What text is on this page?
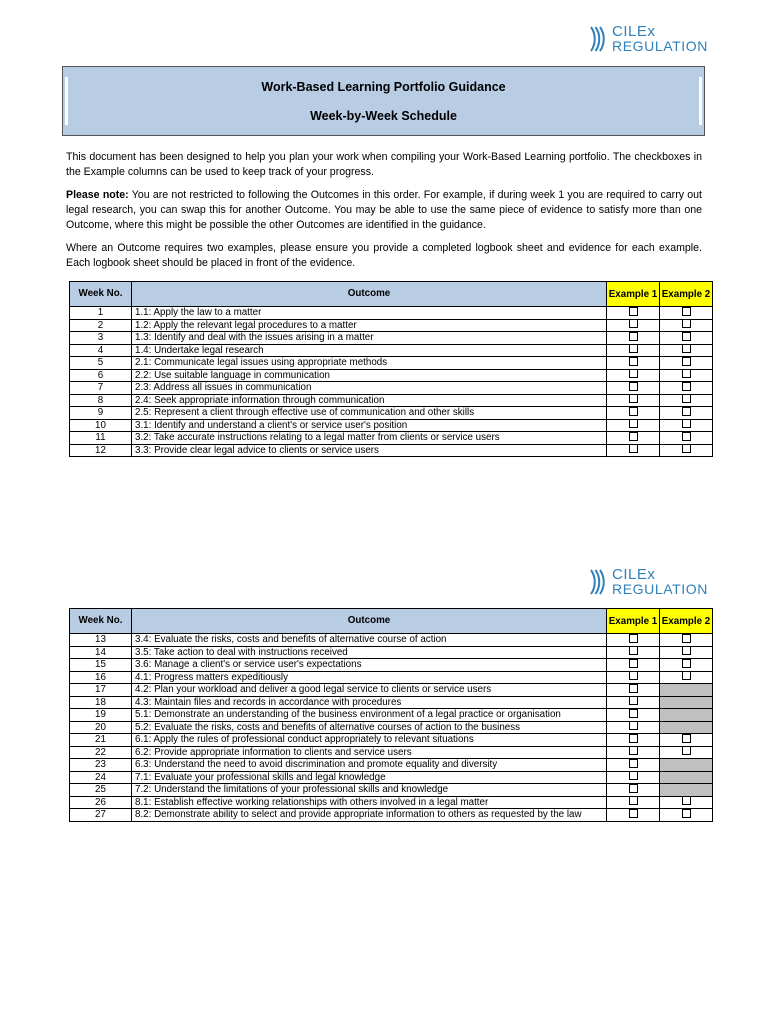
CILEx
REGULATION
Work-Based Learning Portfolio Guidance
Week-by-Week Schedule
This document has been designed to help you plan your work when compiling your Work-Based Learning portfolio. The checkboxes in the Example columns can be used to keep track of your progress.
Please note: You are not restricted to following the Outcomes in this order. For example, if during week 1 you are required to carry out legal research, you can swap this for another Outcome. You may be able to use the same piece of evidence to satisfy more than one Outcome, where this might be possible the other Outcomes are identified in the guidance.
Where an Outcome requires two examples, please ensure you provide a completed logbook sheet and evidence for each example. Each logbook sheet should be placed in front of the evidence.
Week No.	Outcome	Example 1	Example 2
1	1.1: Apply the law to a matter		
2	1.2: Apply the relevant legal procedures to a matter		
3	1.3: Identify and deal with the issues arising in a matter		
4	1.4: Undertake legal research		
5	2.1: Communicate legal issues using appropriate methods		
6	2.2: Use suitable language in communication		
7	2.3: Address all issues in communication		
8	2.4: Seek appropriate information through communication		
9	2.5: Represent a client through effective use of communication and other skills		
10	3.1: Identify and understand a client's or service user's position		
11	3.2: Take accurate instructions relating to a legal matter from clients or service users		
12	3.3: Provide clear legal advice to clients or service users		
CILEx
REGULATION
Week No.	Outcome	Example 1	Example 2
13	3.4: Evaluate the risks, costs and benefits of alternative course of action		
14	3.5: Take action to deal with instructions received		
15	3.6: Manage a client's or service user's expectations		
16	4.1: Progress matters expeditiously		
17	4.2: Plan your workload and deliver a good legal service to clients or service users		
18	4.3: Maintain files and records in accordance with procedures		
19	5.1: Demonstrate an understanding of the business environment of a legal practice or organisation		
20	5.2: Evaluate the risks, costs and benefits of alternative courses of action to the business		
21	6.1: Apply the rules of professional conduct appropriately to relevant situations		
22	6.2: Provide appropriate information to clients and service users		
23	6.3: Understand the need to avoid discrimination and promote equality and diversity		
24	7.1: Evaluate your professional skills and legal knowledge		
25	7.2: Understand the limitations of your professional skills and knowledge		
26	8.1: Establish effective working relationships with others involved in a legal matter		
27	8.2: Demonstrate ability to select and provide appropriate information to others as requested by the law		
